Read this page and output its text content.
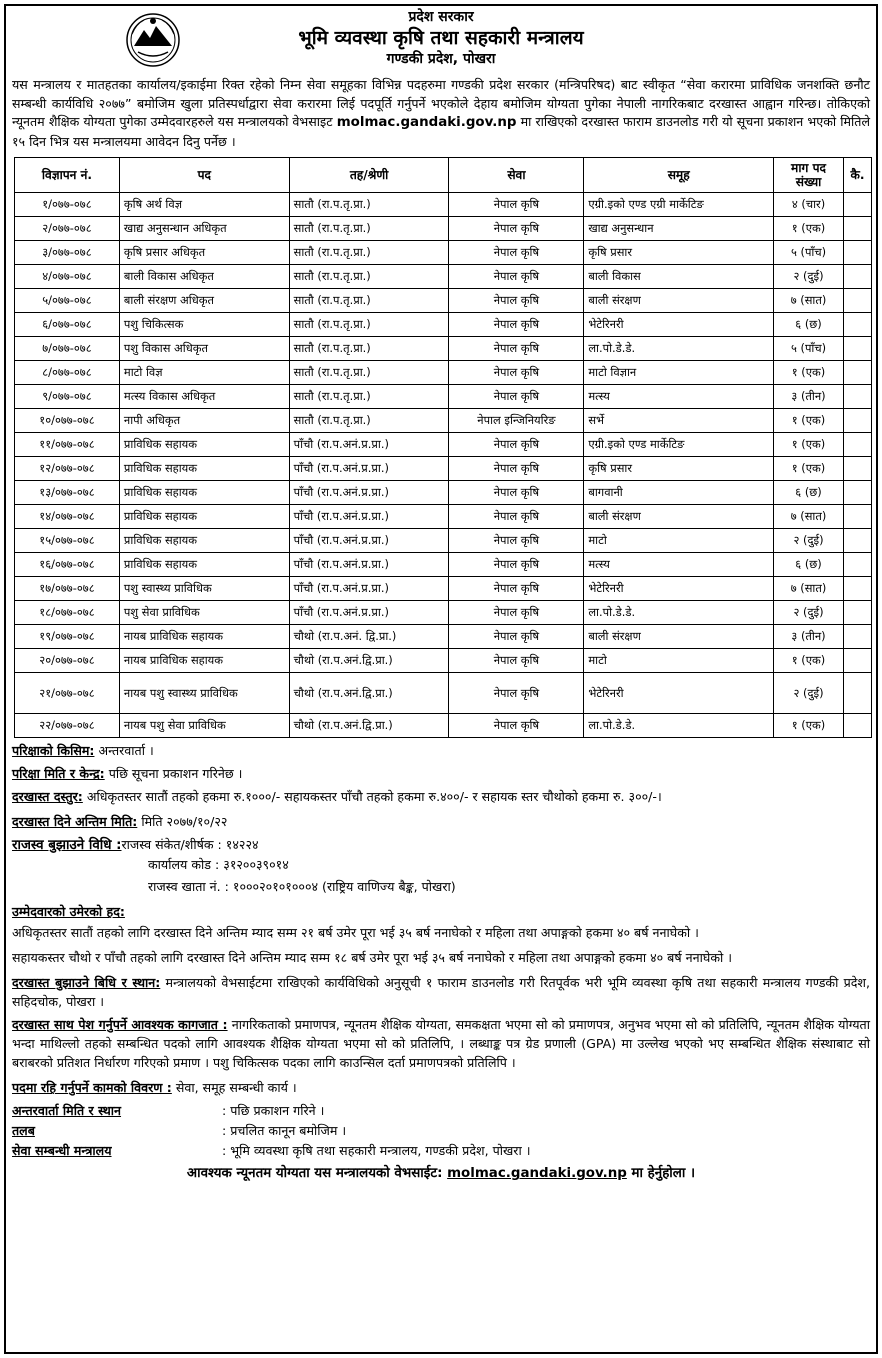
प्रदेश सरकार
भूमि व्यवस्था कृषि तथा सहकारी मन्त्रालय
गण्डकी प्रदेश, पोखरा
यस मन्त्रालय र मातहतका कार्यालय/इकाईमा रिक्त रहेको निम्न सेवा समूहका विभिन्न पदहरुमा गण्डकी प्रदेश सरकार (मन्त्रिपरिषद) बाट स्वीकृत “सेवा करारमा प्राविधिक जनशक्ति छनौट सम्बन्धी कार्यविधि २०७७” बमोजिम खुला प्रतिस्पर्धाद्वारा सेवा करारमा लिई पदपूर्ति गर्नुपर्ने भएकोले देहाय बमोजिम योग्यता पुगेका नेपाली नागरिकबाट दरखास्त आह्वान गरिन्छ। तोकिएको न्यूनतम शैक्षिक योग्यता पुगेका उम्मेदवारहरुले यस मन्त्रालयको वेभसाइट molmac.gandaki.gov.np मा राखिएको दरखास्त फाराम डाउनलोड गरी यो सूचना प्रकाशन भएको मितिले १५ दिन भित्र यस मन्त्रालयमा आवेदन दिनु पर्नेछ ।
विज्ञापन नं.	पद	तह/श्रेणी	सेवा	समूह	माग पद संख्या	कै.
१/०७७-०७८	कृषि अर्थ विज्ञ	सातौ (रा.प.तृ.प्रा.)	नेपाल कृषि	एग्री.इको एण्ड एग्री मार्केटिङ	४ (चार)	
२/०७७-०७८	खाद्य अनुसन्धान अधिकृत	सातौ (रा.प.तृ.प्रा.)	नेपाल कृषि	खाद्य अनुसन्धान	१ (एक)	
३/०७७-०७८	कृषि प्रसार अधिकृत	सातौ (रा.प.तृ.प्रा.)	नेपाल कृषि	कृषि प्रसार	५ (पाँच)	
४/०७७-०७८	बाली विकास अधिकृत	सातौ (रा.प.तृ.प्रा.)	नेपाल कृषि	बाली विकास	२ (दुई)	
५/०७७-०७८	बाली संरक्षण अधिकृत	सातौ (रा.प.तृ.प्रा.)	नेपाल कृषि	बाली संरक्षण	७ (सात)	
६/०७७-०७८	पशु चिकित्सक	सातौ (रा.प.तृ.प्रा.)	नेपाल कृषि	भेटेरिनरी	६ (छ)	
७/०७७-०७८	पशु विकास अधिकृत	सातौ (रा.प.तृ.प्रा.)	नेपाल कृषि	ला.पो.डे.डे.	५ (पाँच)	
८/०७७-०७८	माटो विज्ञ	सातौ (रा.प.तृ.प्रा.)	नेपाल कृषि	माटो विज्ञान	१ (एक)	
९/०७७-०७८	मत्स्य विकास अधिकृत	सातौ (रा.प.तृ.प्रा.)	नेपाल कृषि	मत्स्य	३ (तीन)	
१०/०७७-०७८	नापी अधिकृत	सातौ (रा.प.तृ.प्रा.)	नेपाल इन्जिनियरिङ	सर्भे	१ (एक)	
११/०७७-०७८	प्राविधिक सहायक	पाँचौ (रा.प.अनं.प्र.प्रा.)	नेपाल कृषि	एग्री.इको एण्ड मार्केटिङ	१ (एक)	
१२/०७७-०७८	प्राविधिक सहायक	पाँचौ (रा.प.अनं.प्र.प्रा.)	नेपाल कृषि	कृषि प्रसार	१ (एक)	
१३/०७७-०७८	प्राविधिक सहायक	पाँचौ (रा.प.अनं.प्र.प्रा.)	नेपाल कृषि	बागवानी	६ (छ)	
१४/०७७-०७८	प्राविधिक सहायक	पाँचौ (रा.प.अनं.प्र.प्रा.)	नेपाल कृषि	बाली संरक्षण	७ (सात)	
१५/०७७-०७८	प्राविधिक सहायक	पाँचौ (रा.प.अनं.प्र.प्रा.)	नेपाल कृषि	माटो	२ (दुई)	
१६/०७७-०७८	प्राविधिक सहायक	पाँचौ (रा.प.अनं.प्र.प्रा.)	नेपाल कृषि	मत्स्य	६ (छ)	
१७/०७७-०७८	पशु स्वास्थ्य प्राविधिक	पाँचौ (रा.प.अनं.प्र.प्रा.)	नेपाल कृषि	भेटेरिनरी	७ (सात)	
१८/०७७-०७८	पशु सेवा प्राविधिक	पाँचौ (रा.प.अनं.प्र.प्रा.)	नेपाल कृषि	ला.पो.डे.डे.	२ (दुई)	
१९/०७७-०७८	नायब प्राविधिक सहायक	चौथो (रा.प.अनं. द्वि.प्रा.)	नेपाल कृषि	बाली संरक्षण	३ (तीन)	
२०/०७७-०७८	नायब प्राविधिक सहायक	चौथो (रा.प.अनं.द्वि.प्रा.)	नेपाल कृषि	माटो	१ (एक)	
२१/०७७-०७८	नायब पशु स्वास्थ्य प्राविधिक	चौथो (रा.प.अनं.द्वि.प्रा.)	नेपाल कृषि	भेटेरिनरी	२ (दुई)	
२२/०७७-०७८	नायब पशु सेवा प्राविधिक	चौथो (रा.प.अनं.द्वि.प्रा.)	नेपाल कृषि	ला.पो.डे.डे.	१ (एक)	
परिक्षाको किसिम: अन्तरवार्ता ।
परिक्षा मिति र केन्द्र: पछि सूचना प्रकाशन गरिनेछ ।
दरखास्त दस्तुर: अधिकृतस्तर सातौं तहको हकमा रु.१०००/- सहायकस्तर पाँचौ तहको हकमा रु.४००/- र सहायक स्तर चौथोको हकमा रु. ३००/-।
दरखास्त दिने अन्तिम मिति: मिति २०७७/१०/२२
राजस्व बुझाउने विधि :राजस्व संकेत/शीर्षक : १४२२४
कार्यालय कोड : ३१२००३९०१४
राजस्व खाता नं. : १०००२०१०१०००४ (राष्ट्रिय वाणिज्य बैङ्क, पोखरा)
उम्मेदवारको उमेरको हद:
अधिकृतस्तर सातौं तहको लागि दरखास्त दिने अन्तिम म्याद सम्म २१ बर्ष उमेर पूरा भई ३५ बर्ष ननाघेको र महिला तथा अपाङ्गको हकमा ४० बर्ष ननाघेको ।
सहायकस्तर चौथो र पाँचौ तहको लागि दरखास्त दिने अन्तिम म्याद सम्म १८ बर्ष उमेर पूरा भई ३५ बर्ष ननाघेको र महिला तथा अपाङ्गको हकमा ४० बर्ष ननाघेको ।
दरखास्त बुझाउने बिधि र स्थान: मन्त्रालयको वेभसाईटमा राखिएको कार्यविधिको अनुसूची १ फाराम डाउनलोड गरी रितपूर्वक भरी भूमि व्यवस्था कृषि तथा सहकारी मन्त्रालय गण्डकी प्रदेश, सहिदचोक, पोखरा ।
दरखास्त साथ पेश गर्नुपर्ने आवश्यक कागजात : नागरिकताको प्रमाणपत्र, न्यूनतम शैक्षिक योग्यता, समकक्षता भएमा सो को प्रमाणपत्र, अनुभव भएमा सो को प्रतिलिपि, न्यूनतम शैक्षिक योग्यता भन्दा माथिल्लो तहको सम्बन्धित पदको लागि आवश्यक शैक्षिक योग्यता भएमा सो को प्रतिलिपि, । लब्धाङ्क पत्र ग्रेड प्रणाली (GPA) मा उल्लेख भएको भए सम्बन्धित शैक्षिक संस्थाबाट सो बराबरको प्रतिशत निर्धारण गरिएको प्रमाण । पशु चिकित्सक पदका लागि काउन्सिल दर्ता प्रमाणपत्रको प्रतिलिपि ।
पदमा रहि गर्नुपर्ने कामको विवरण : सेवा, समूह सम्बन्धी कार्य ।
अन्तरवार्ता मिति र स्थान	: पछि प्रकाशन गरिने ।
तलब	: प्रचलित कानून बमोजिम ।
सेवा सम्बन्धी मन्त्रालय	: भूमि व्यवस्था कृषि तथा सहकारी मन्त्रालय, गण्डकी प्रदेश, पोखरा ।
आवश्यक न्यूनतम योग्यता यस मन्त्रालयको वेभसाईट: molmac.gandaki.gov.np मा हेर्नुहोला ।
